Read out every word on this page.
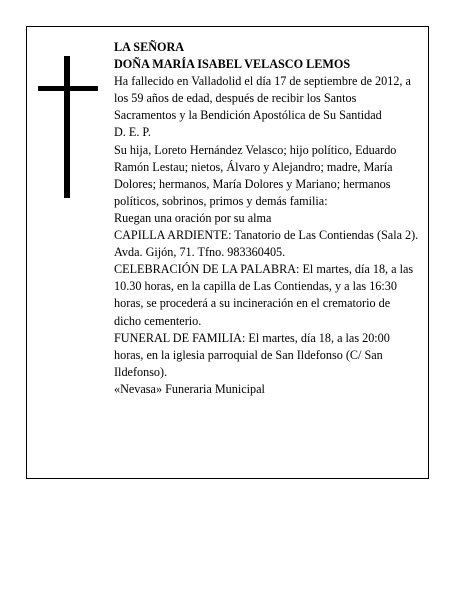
LA SEÑORA

DOÑA MARÍA ISABEL VELASCO LEMOS

Ha fallecido en Valladolid el día 17 de septiembre de 2012, a los 59 años de edad, después de recibir los Santos Sacramentos y la Bendición Apostólica de Su Santidad

D. E. P.

Su hija, Loreto Hernández Velasco; hijo político, Eduardo Ramón Lestau; nietos, Álvaro y Alejandro; madre, María Dolores; hermanos, María Dolores y Mariano; hermanos políticos, sobrinos, primos y demás familia:

Ruegan una oración por su alma

CAPILLA ARDIENTE: Tanatorio de Las Contiendas (Sala 2). Avda. Gijón, 71. Tfno. 983360405.

CELEBRACIÓN DE LA PALABRA: El martes, día 18, a las 10.30 horas, en la capilla de Las Contiendas, y a las 16:30 horas, se procederá a su incineración en el crematorio de dicho cementerio.

FUNERAL DE FAMILIA: El martes, día 18, a las 20:00 horas, en la iglesia parroquial de San Ildefonso (C/ San Ildefonso).

«Nevasa» Funeraria Municipal
